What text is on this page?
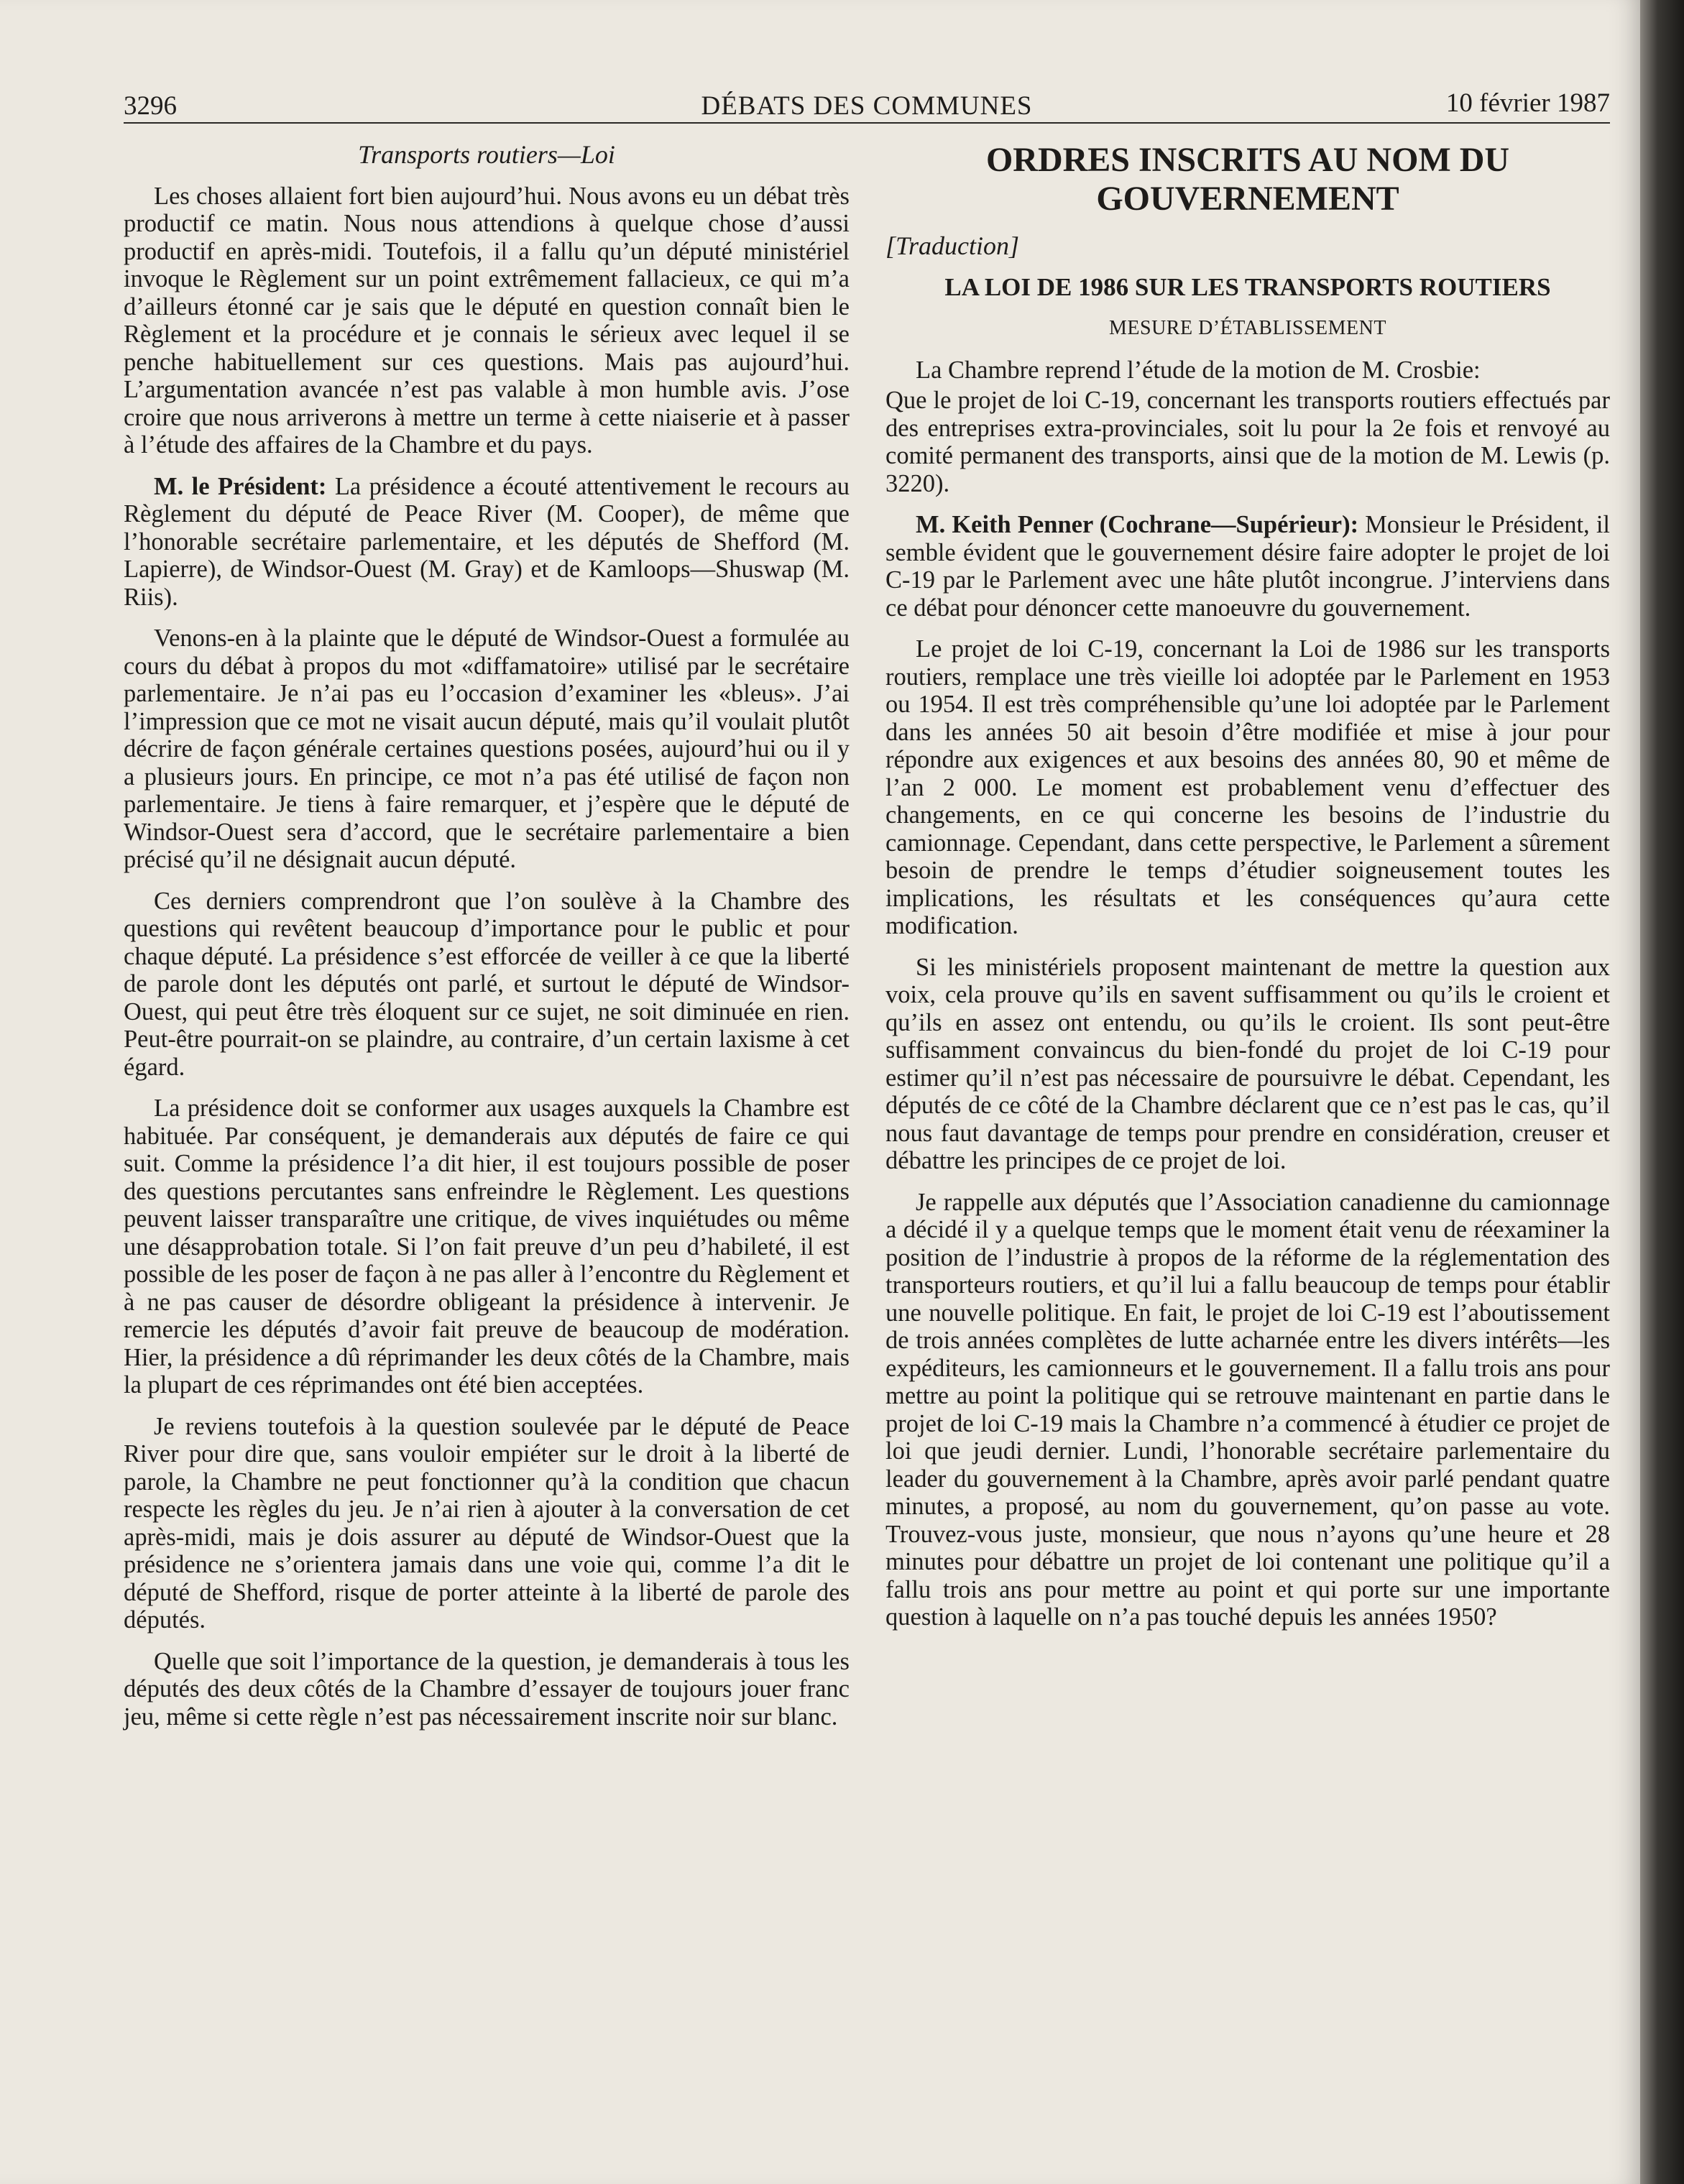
3296	DÉBATS DES COMMUNES	10 février 1987

Transports routiers—Loi

Les choses allaient fort bien aujourd’hui. Nous avons eu un débat très productif ce matin. Nous nous attendions à quelque chose d’aussi productif en après-midi. Toutefois, il a fallu qu’un député ministériel invoque le Règlement sur un point extrêmement fallacieux, ce qui m’a d’ailleurs étonné car je sais que le député en question connaît bien le Règlement et la procédure et je connais le sérieux avec lequel il se penche habituellement sur ces questions. Mais pas aujourd’hui. L’argumentation avancée n’est pas valable à mon humble avis. J’ose croire que nous arriverons à mettre un terme à cette niaiserie et à passer à l’étude des affaires de la Chambre et du pays.

M. le Président: La présidence a écouté attentivement le recours au Règlement du député de Peace River (M. Cooper), de même que l’honorable secrétaire parlementaire, et les députés de Shefford (M. Lapierre), de Windsor-Ouest (M. Gray) et de Kamloops—Shuswap (M. Riis).

Venons-en à la plainte que le député de Windsor-Ouest a formulée au cours du débat à propos du mot «diffamatoire» utilisé par le secrétaire parlementaire. Je n’ai pas eu l’occasion d’examiner les «bleus». J’ai l’impression que ce mot ne visait aucun député, mais qu’il voulait plutôt décrire de façon générale certaines questions posées, aujourd’hui ou il y a plusieurs jours. En principe, ce mot n’a pas été utilisé de façon non parlementaire. Je tiens à faire remarquer, et j’espère que le député de Windsor-Ouest sera d’accord, que le secrétaire parlementaire a bien précisé qu’il ne désignait aucun député.

Ces derniers comprendront que l’on soulève à la Chambre des questions qui revêtent beaucoup d’importance pour le public et pour chaque député. La présidence s’est efforcée de veiller à ce que la liberté de parole dont les députés ont parlé, et surtout le député de Windsor-Ouest, qui peut être très éloquent sur ce sujet, ne soit diminuée en rien. Peut-être pourrait-on se plaindre, au contraire, d’un certain laxisme à cet égard.

La présidence doit se conformer aux usages auxquels la Chambre est habituée. Par conséquent, je demanderais aux députés de faire ce qui suit. Comme la présidence l’a dit hier, il est toujours possible de poser des questions percutantes sans enfreindre le Règlement. Les questions peuvent laisser transparaître une critique, de vives inquiétudes ou même une désapprobation totale. Si l’on fait preuve d’un peu d’habileté, il est possible de les poser de façon à ne pas aller à l’encontre du Règlement et à ne pas causer de désordre obligeant la présidence à intervenir. Je remercie les députés d’avoir fait preuve de beaucoup de modération. Hier, la présidence a dû réprimander les deux côtés de la Chambre, mais la plupart de ces réprimandes ont été bien acceptées.

Je reviens toutefois à la question soulevée par le député de Peace River pour dire que, sans vouloir empiéter sur le droit à la liberté de parole, la Chambre ne peut fonctionner qu’à la condition que chacun respecte les règles du jeu. Je n’ai rien à ajouter à la conversation de cet après-midi, mais je dois assurer au député de Windsor-Ouest que la présidence ne s’orientera jamais dans une voie qui, comme l’a dit le député de Shefford, risque de porter atteinte à la liberté de parole des députés.

Quelle que soit l’importance de la question, je demanderais à tous les députés des deux côtés de la Chambre d’essayer de toujours jouer franc jeu, même si cette règle n’est pas nécessairement inscrite noir sur blanc.

ORDRES INSCRITS AU NOM DU GOUVERNEMENT

[Traduction]

LA LOI DE 1986 SUR LES TRANSPORTS ROUTIERS

MESURE D’ÉTABLISSEMENT

La Chambre reprend l’étude de la motion de M. Crosbie:

Que le projet de loi C-19, concernant les transports routiers effectués par des entreprises extra-provinciales, soit lu pour la 2e fois et renvoyé au comité permanent des transports, ainsi que de la motion de M. Lewis (p. 3220).

M. Keith Penner (Cochrane—Supérieur): Monsieur le Président, il semble évident que le gouvernement désire faire adopter le projet de loi C-19 par le Parlement avec une hâte plutôt incongrue. J’interviens dans ce débat pour dénoncer cette manoeuvre du gouvernement.

Le projet de loi C-19, concernant la Loi de 1986 sur les transports routiers, remplace une très vieille loi adoptée par le Parlement en 1953 ou 1954. Il est très compréhensible qu’une loi adoptée par le Parlement dans les années 50 ait besoin d’être modifiée et mise à jour pour répondre aux exigences et aux besoins des années 80, 90 et même de l’an 2 000. Le moment est probablement venu d’effectuer des changements, en ce qui concerne les besoins de l’industrie du camionnage. Cependant, dans cette perspective, le Parlement a sûrement besoin de prendre le temps d’étudier soigneusement toutes les implications, les résultats et les conséquences qu’aura cette modification.

Si les ministériels proposent maintenant de mettre la question aux voix, cela prouve qu’ils en savent suffisamment ou qu’ils le croient et qu’ils en assez ont entendu, ou qu’ils le croient. Ils sont peut-être suffisamment convaincus du bien-fondé du projet de loi C-19 pour estimer qu’il n’est pas nécessaire de poursuivre le débat. Cependant, les députés de ce côté de la Chambre déclarent que ce n’est pas le cas, qu’il nous faut davantage de temps pour prendre en considération, creuser et débattre les principes de ce projet de loi.

Je rappelle aux députés que l’Association canadienne du camionnage a décidé il y a quelque temps que le moment était venu de réexaminer la position de l’industrie à propos de la réforme de la réglementation des transporteurs routiers, et qu’il lui a fallu beaucoup de temps pour établir une nouvelle politique. En fait, le projet de loi C-19 est l’aboutissement de trois années complètes de lutte acharnée entre les divers intérêts—les expéditeurs, les camionneurs et le gouvernement. Il a fallu trois ans pour mettre au point la politique qui se retrouve maintenant en partie dans le projet de loi C-19 mais la Chambre n’a commencé à étudier ce projet de loi que jeudi dernier. Lundi, l’honorable secrétaire parlementaire du leader du gouvernement à la Chambre, après avoir parlé pendant quatre minutes, a proposé, au nom du gouvernement, qu’on passe au vote. Trouvez-vous juste, monsieur, que nous n’ayons qu’une heure et 28 minutes pour débattre un projet de loi contenant une politique qu’il a fallu trois ans pour mettre au point et qui porte sur une importante question à laquelle on n’a pas touché depuis les années 1950?
